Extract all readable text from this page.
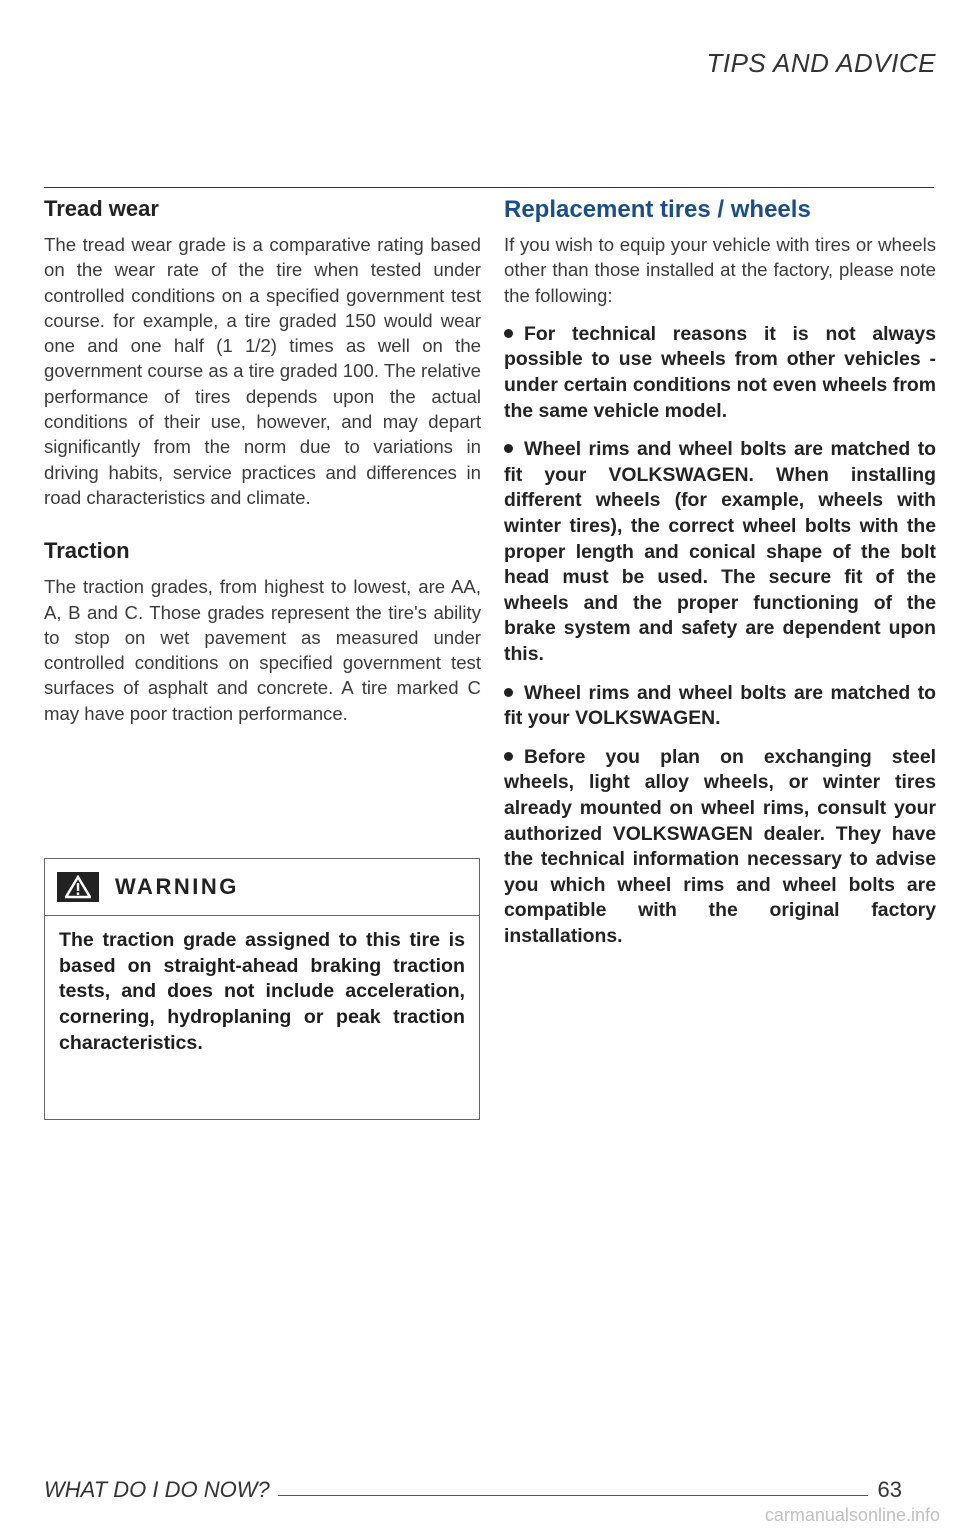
TIPS AND ADVICE
Tread wear

The tread wear grade is a comparative rating based on the wear rate of the tire when tested under controlled conditions on a specified government test course. for example, a tire graded 150 would wear one and one half (1 1/2) times as well on the government course as a tire graded 100. The relative performance of tires depends upon the actual conditions of their use, however, and may depart significantly from the norm due to variations in driving habits, service practices and differences in road characteristics and climate.

Traction

The traction grades, from highest to lowest, are AA, A, B and C. Those grades represent the tire's ability to stop on wet pavement as measured under controlled conditions on specified government test surfaces of asphalt and concrete. A tire marked C may have poor traction performance.

WARNING
The traction grade assigned to this tire is based on straight-ahead braking traction tests, and does not include acceleration, cornering, hydroplaning or peak traction characteristics.
Replacement tires / wheels

If you wish to equip your vehicle with tires or wheels other than those installed at the factory, please note the following:

For technical reasons it is not always possible to use wheels from other vehicles - under certain conditions not even wheels from the same vehicle model.
Wheel rims and wheel bolts are matched to fit your VOLKSWAGEN. When installing different wheels (for example, wheels with winter tires), the correct wheel bolts with the proper length and conical shape of the bolt head must be used. The secure fit of the wheels and the proper functioning of the brake system and safety are dependent upon this.
Wheel rims and wheel bolts are matched to fit your VOLKSWAGEN.
Before you plan on exchanging steel wheels, light alloy wheels, or winter tires already mounted on wheel rims, consult your authorized VOLKSWAGEN dealer. They have the technical information necessary to advise you which wheel rims and wheel bolts are compatible with the original factory installations.
WHAT DO I DO NOW?	63
carmanualsonline.info
